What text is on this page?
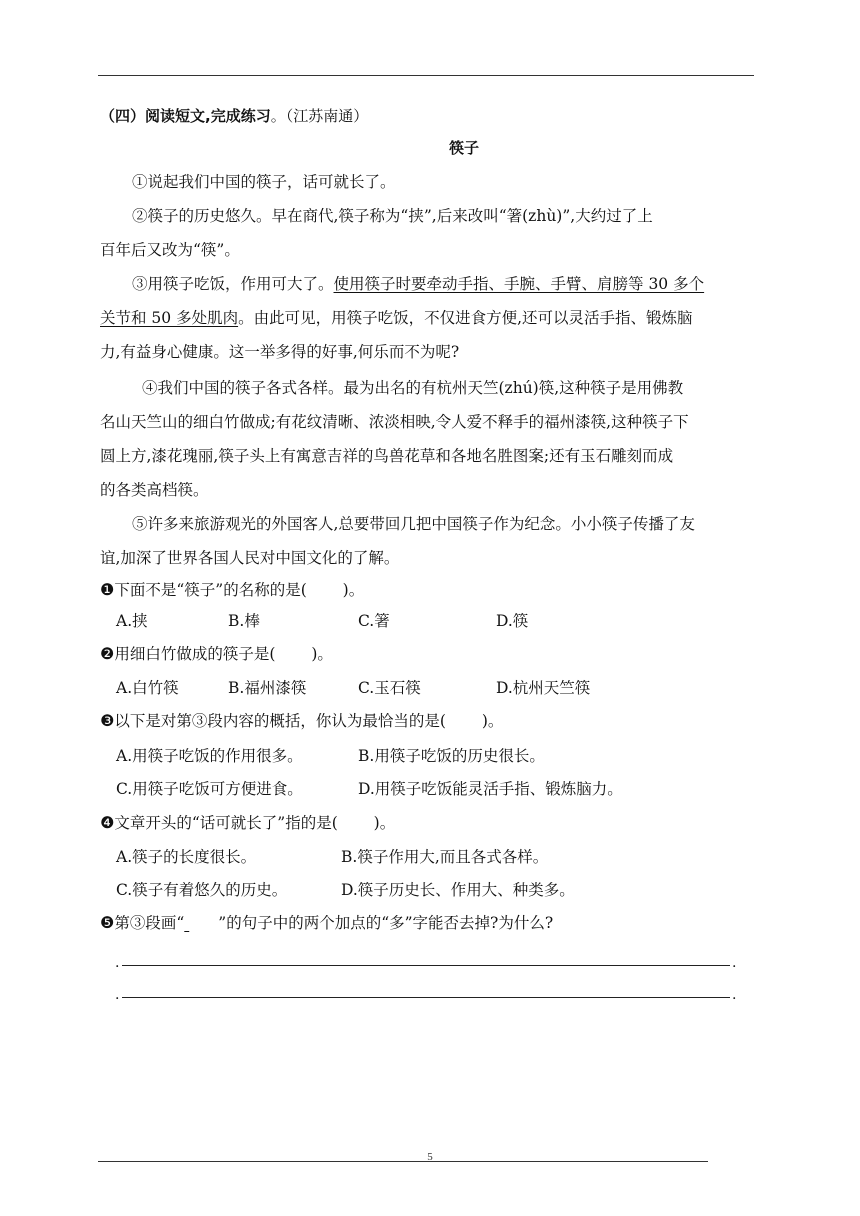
（四）阅读短文,完成练习。（江苏南通）
筷子
①说起我们中国的筷子，话可就长了。
②筷子的历史悠久。早在商代,筷子称为“挟”,后来改叫“箸(zhù)”,大约过了上
百年后又改为“筷”。
③用筷子吃饭，作用可大了。使用筷子时要牵动手指、手腕、手臂、肩膀等 30 多个
关节和 50 多处肌肉。由此可见，用筷子吃饭，不仅进食方便,还可以灵活手指、锻炼脑
力,有益身心健康。这一举多得的好事,何乐而不为呢?
④我们中国的筷子各式各样。最为出名的有杭州天竺(zhú)筷,这种筷子是用佛教
名山天竺山的细白竹做成;有花纹清晰、浓淡相映,令人爱不释手的福州漆筷,这种筷子下
圆上方,漆花瑰丽,筷子头上有寓意吉祥的鸟兽花草和各地名胜图案;还有玉石雕刻而成
的各类高档筷。
⑤许多来旅游观光的外国客人,总要带回几把中国筷子作为纪念。小小筷子传播了友
谊,加深了世界各国人民对中国文化的了解。
❶下面不是“筷子”的名称的是(　　 )。
A.挟	B.棒	C.箸	D.筷
❷用细白竹做成的筷子是(　　 )。
A.白竹筷	B.福州漆筷	C.玉石筷	D.杭州天竺筷
❸以下是对第③段内容的概括，你认为最恰当的是(　　 )。
A.用筷子吃饭的作用很多。	B.用筷子吃饭的历史很长。
C.用筷子吃饭可方便进食。	D.用筷子吃饭能灵活手指、锻炼脑力。
❹文章开头的“话可就长了”指的是(　　 )。
A.筷子的长度很长。	B.筷子作用大,而且各式各样。
C.筷子有着悠久的历史。	D.筷子历史长、作用大、种类多。
❺第③段画“ ”的句子中的两个加点的“多”字能否去掉?为什么?
.	.
.	.
5
